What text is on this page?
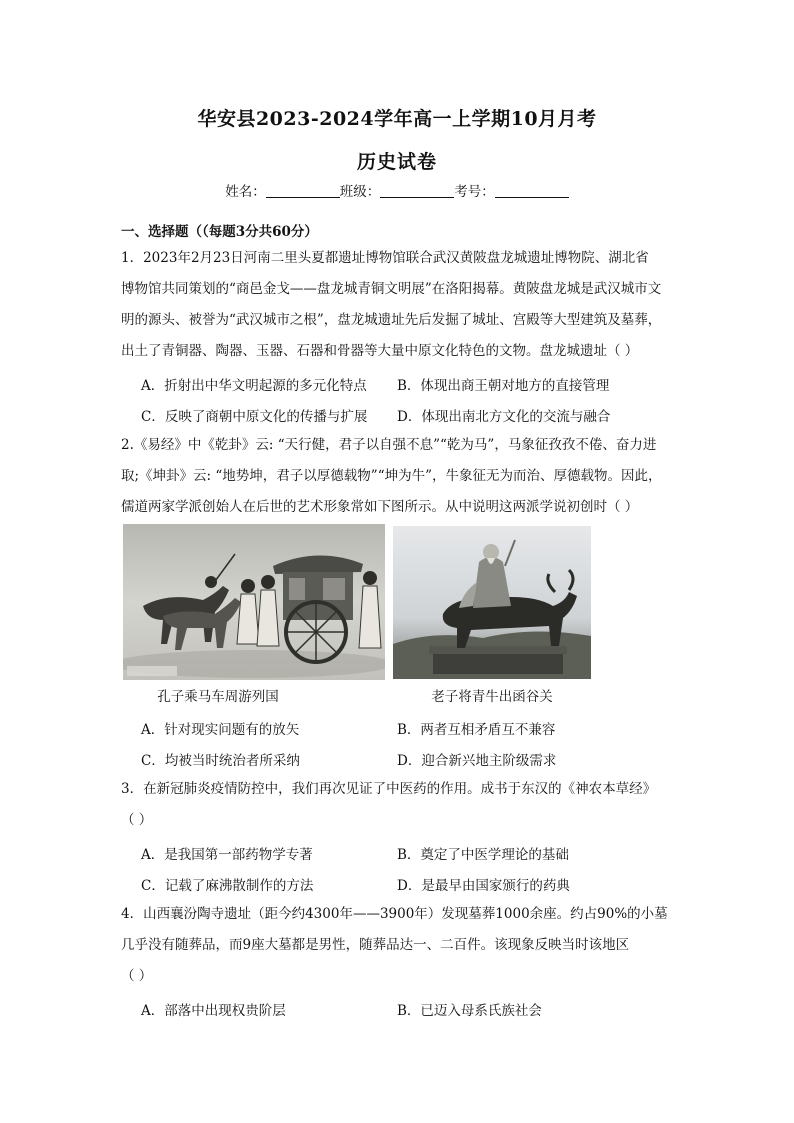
华安县2023-2024学年高一上学期10月月考
历史试卷
姓名：	班级：	考号：
一、选择题（（每题3分共60分）
1．2023年2月23日河南二里头夏都遗址博物馆联合武汉黄陂盘龙城遗址博物院、湖北省
博物馆共同策划的“商邑金戈——盘龙城青铜文明展”在洛阳揭幕。黄陂盘龙城是武汉城市文
明的源头、被誉为“武汉城市之根”，盘龙城遗址先后发掘了城址、宫殿等大型建筑及墓葬，
出土了青铜器、陶器、玉器、石器和骨器等大量中原文化特色的文物。盘龙城遗址（ ）
A．折射出中华文明起源的多元化特点 B．体现出商王朝对地方的直接管理
C．反映了商朝中原文化的传播与扩展 D．体现出南北方文化的交流与融合
2.《易经》中《乾卦》云: “天行健，君子以自强不息”“乾为马”，马象征孜孜不倦、奋力进
取;《坤卦》云: “地势坤，君子以厚德载物”“坤为牛”，牛象征无为而治、厚德载物。因此，
儒道两家学派创始人在后世的艺术形象常如下图所示。从中说明这两派学说初创时（ ）
孔子乘马车周游列国	老子将青牛出函谷关
A．针对现实问题有的放矢	B．两者互相矛盾互不兼容
C．均被当时统治者所采纳	D．迎合新兴地主阶级需求
3．在新冠肺炎疫情防控中，我们再次见证了中医药的作用。成书于东汉的《神农本草经》
（ ）
A．是我国第一部药物学专著	B．奠定了中医学理论的基础
C．记载了麻沸散制作的方法	D．是最早由国家颁行的药典
4．山西襄汾陶寺遗址（距今约4300年——3900年）发现墓葬1000余座。约占90%的小墓
几乎没有随葬品，而9座大墓都是男性，随葬品达一、二百件。该现象反映当时该地区
（ ）
A．部落中出现权贵阶层	B．已迈入母系氏族社会
